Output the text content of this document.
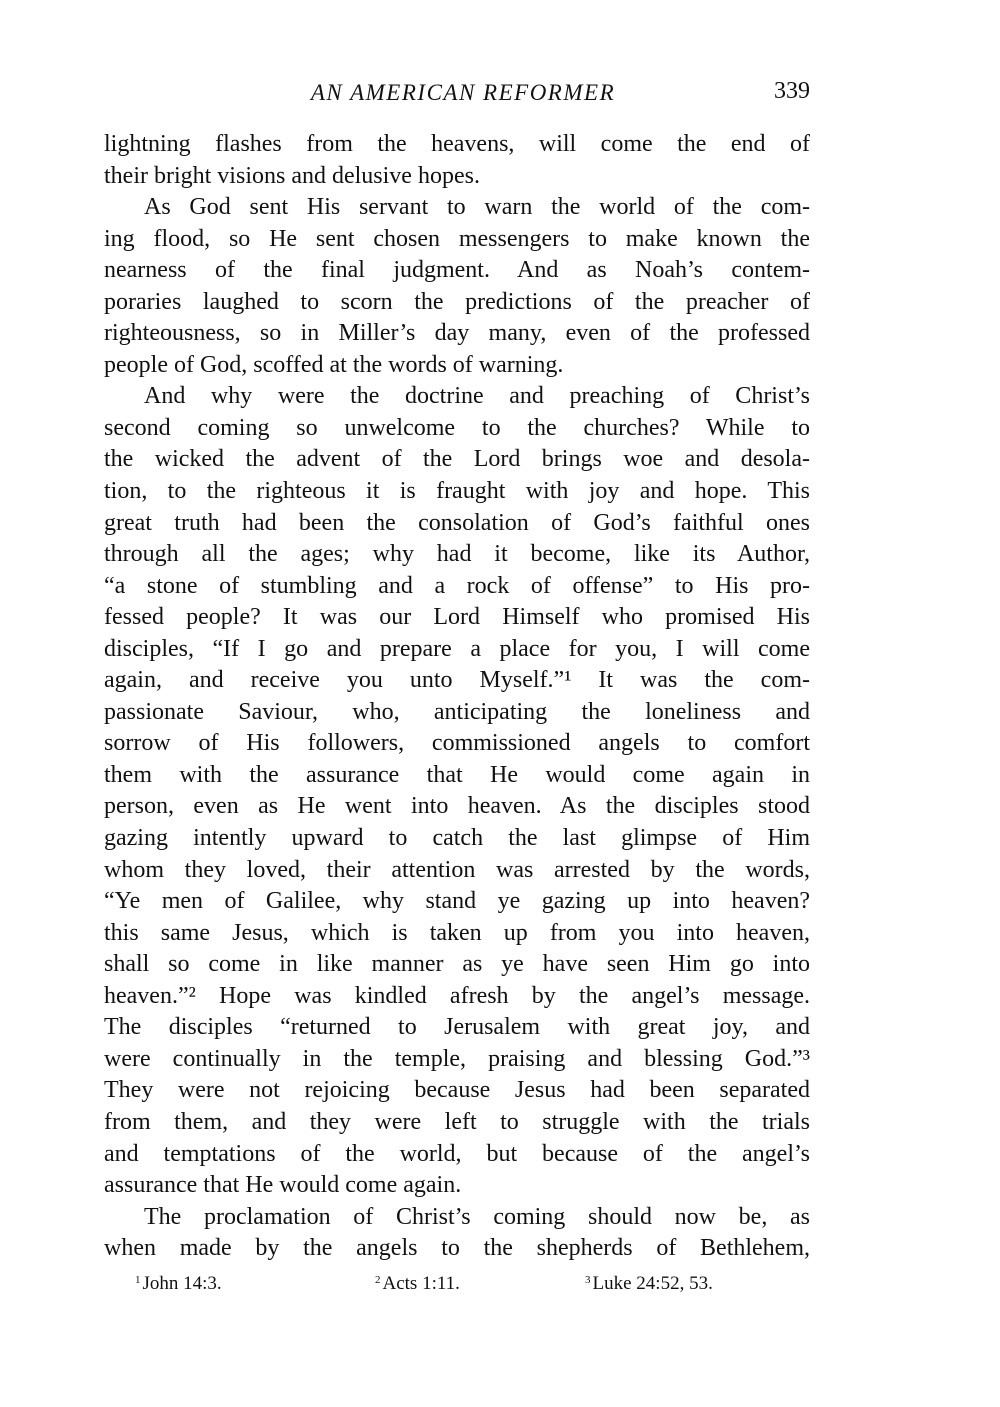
AN AMERICAN REFORMER	339
lightning flashes from the heavens, will come the end of
their bright visions and delusive hopes.
As God sent His servant to warn the world of the com-
ing flood, so He sent chosen messengers to make known the
nearness of the final judgment. And as Noah’s contem-
poraries laughed to scorn the predictions of the preacher of
righteousness, so in Miller’s day many, even of the professed
people of God, scoffed at the words of warning.
And why were the doctrine and preaching of Christ’s
second coming so unwelcome to the churches? While to
the wicked the advent of the Lord brings woe and desola-
tion, to the righteous it is fraught with joy and hope. This
great truth had been the consolation of God’s faithful ones
through all the ages; why had it become, like its Author,
“a stone of stumbling and a rock of offense” to His pro-
fessed people? It was our Lord Himself who promised His
disciples, “If I go and prepare a place for you, I will come
again, and receive you unto Myself.”¹ It was the com-
passionate Saviour, who, anticipating the loneliness and
sorrow of His followers, commissioned angels to comfort
them with the assurance that He would come again in
person, even as He went into heaven. As the disciples stood
gazing intently upward to catch the last glimpse of Him
whom they loved, their attention was arrested by the words,
“Ye men of Galilee, why stand ye gazing up into heaven?
this same Jesus, which is taken up from you into heaven,
shall so come in like manner as ye have seen Him go into
heaven.”² Hope was kindled afresh by the angel’s message.
The disciples “returned to Jerusalem with great joy, and
were continually in the temple, praising and blessing God.”³
They were not rejoicing because Jesus had been separated
from them, and they were left to struggle with the trials
and temptations of the world, but because of the angel’s
assurance that He would come again.
The proclamation of Christ’s coming should now be, as
when made by the angels to the shepherds of Bethlehem,
$^1$ John 14:3.	$^2$ Acts 1:11.	$^3$ Luke 24:52, 53.
